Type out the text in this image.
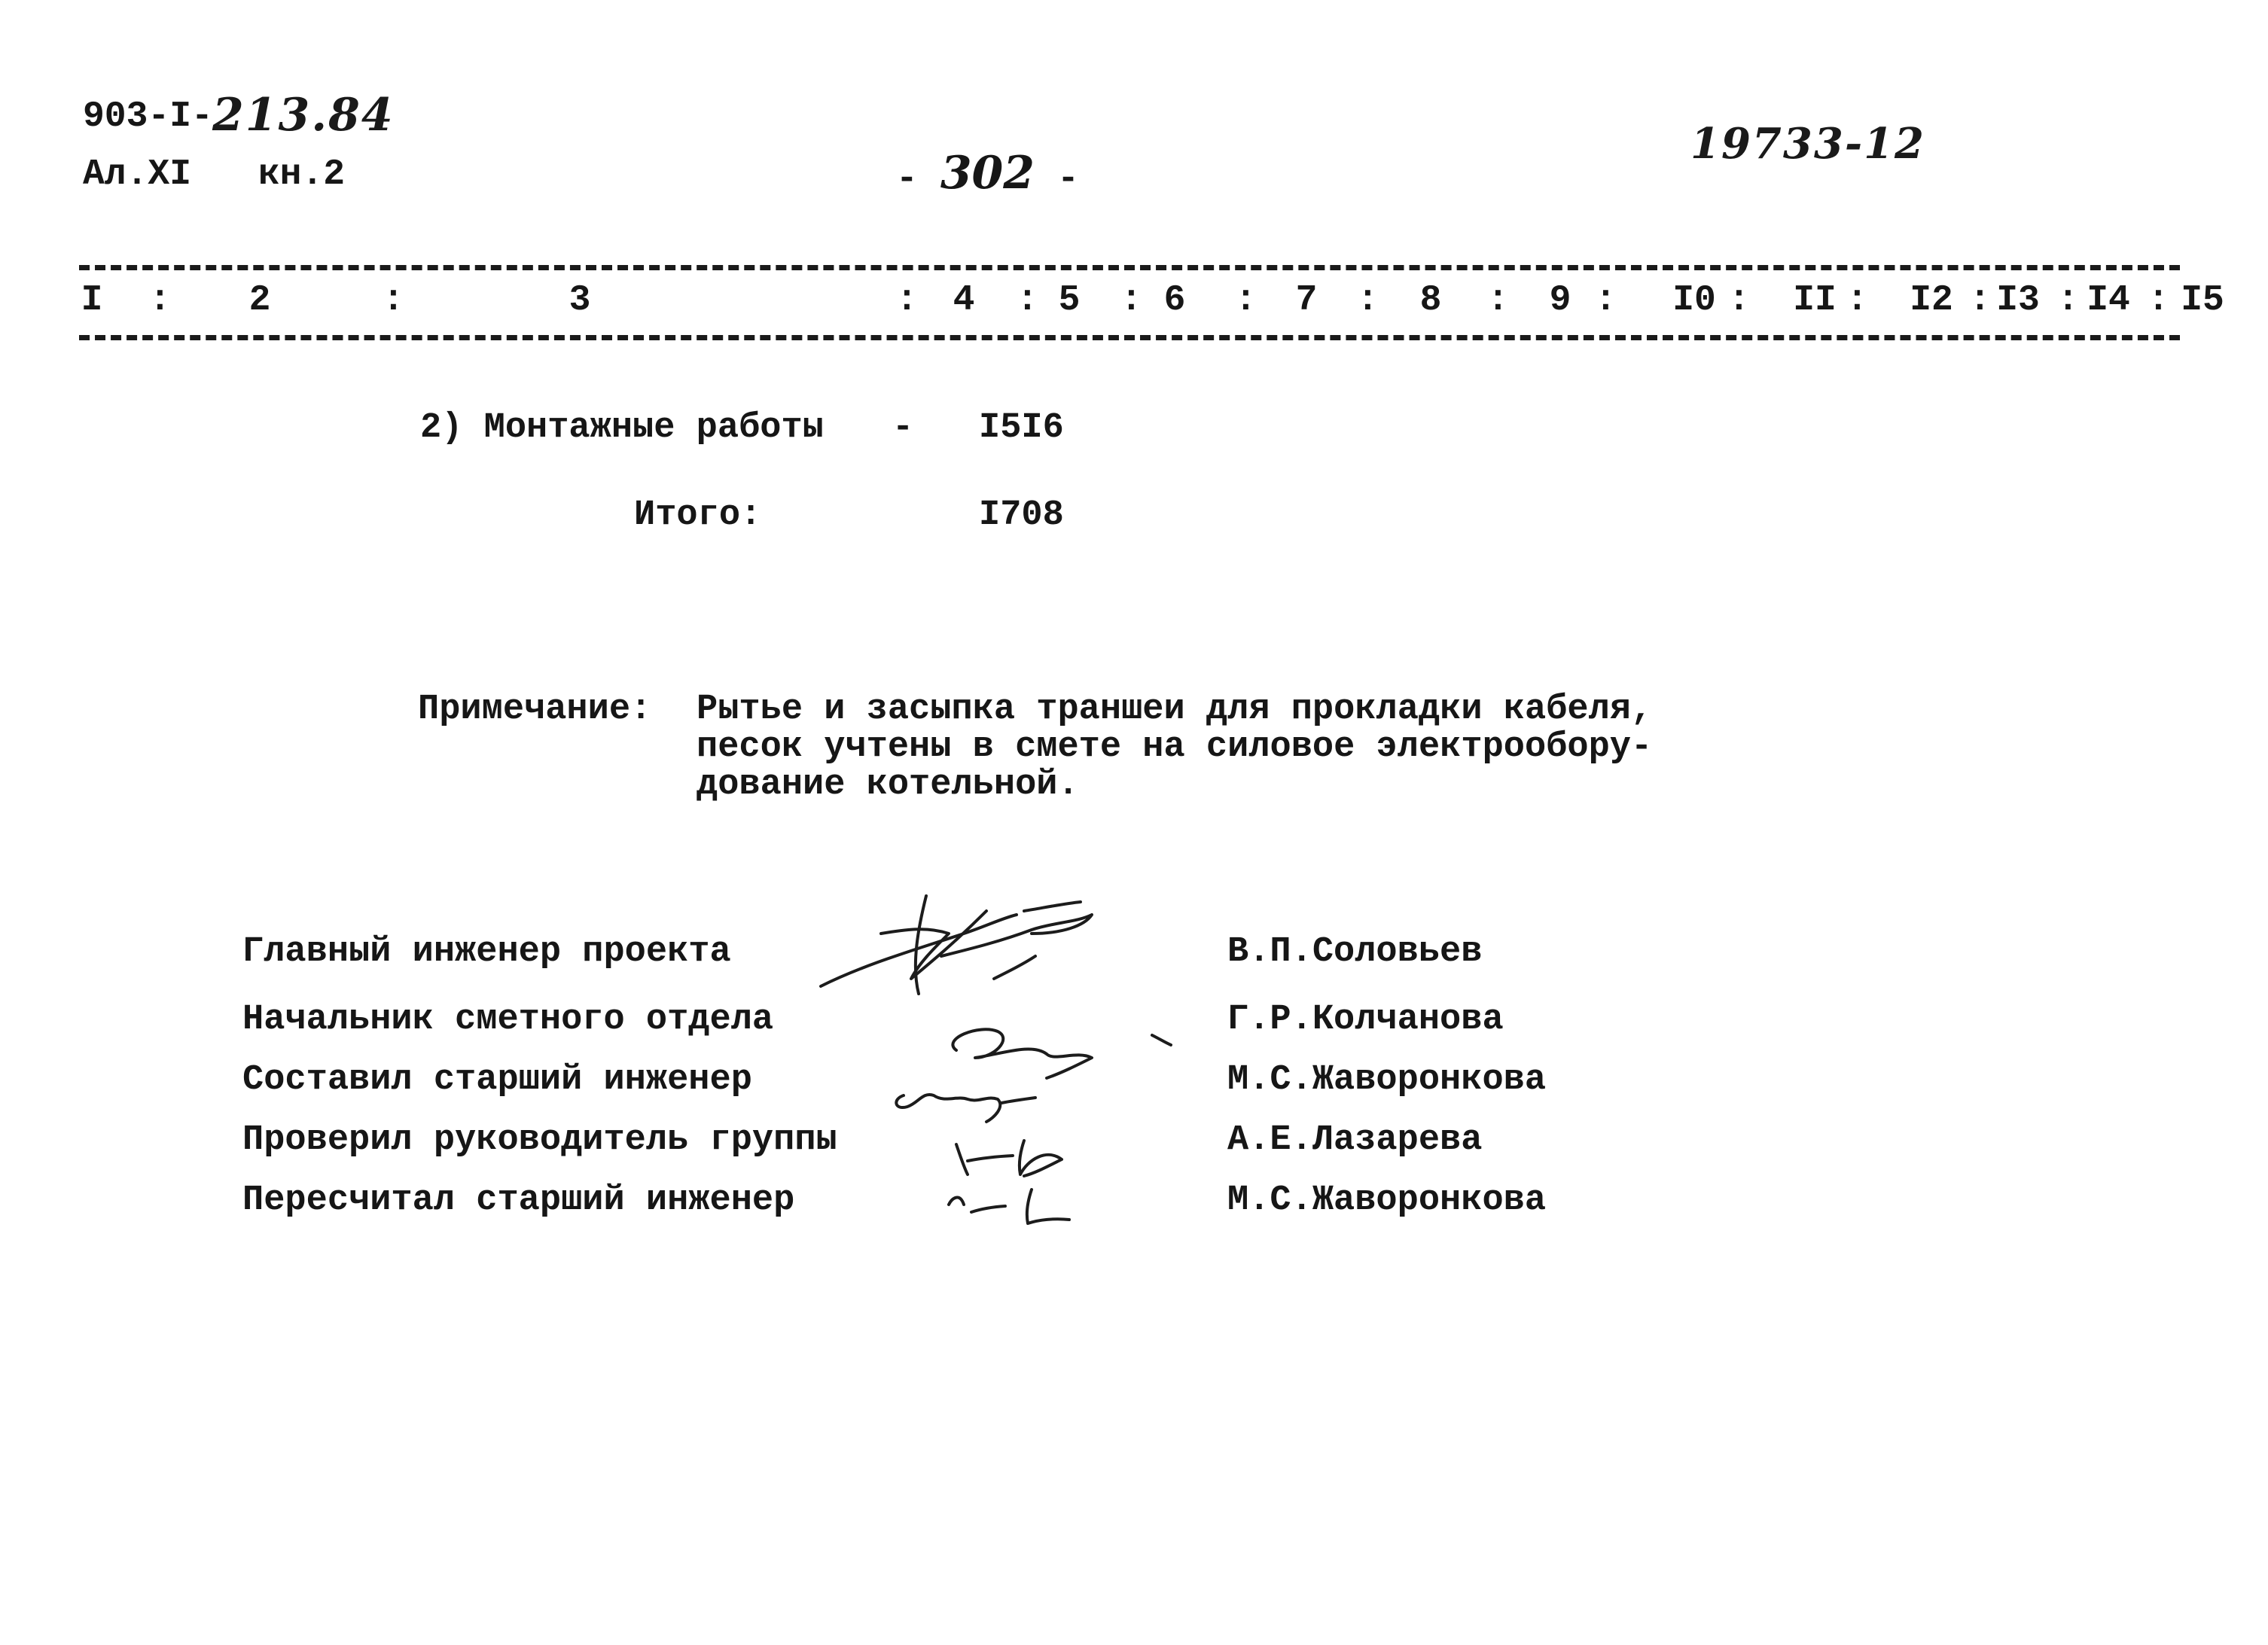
903-I- 213.84
Ал.XI кн.2	- 302 -
19733-12
I	2	3	4	5	6	7	8	9	I0 II I2 I3 I4 I5
:	:	:	: :	:	:	: :	:	:	: : :
2) Монтажные работы - I5I6
Итого:	I708
Примечание: Рытье и засыпка траншеи для прокладки кабеля,
песок учтены в смете на силовое электрообору-
дование котельной.
Главный инженер проекта	В.П.Соловьев
Начальник сметного отдела	Г.Р.Колчанова
Составил старший инженер	М.С.Жаворонкова
Проверил руководитель группы	А.Е.Лазарева
Пересчитал старший инженер	М.С.Жаворонкова
